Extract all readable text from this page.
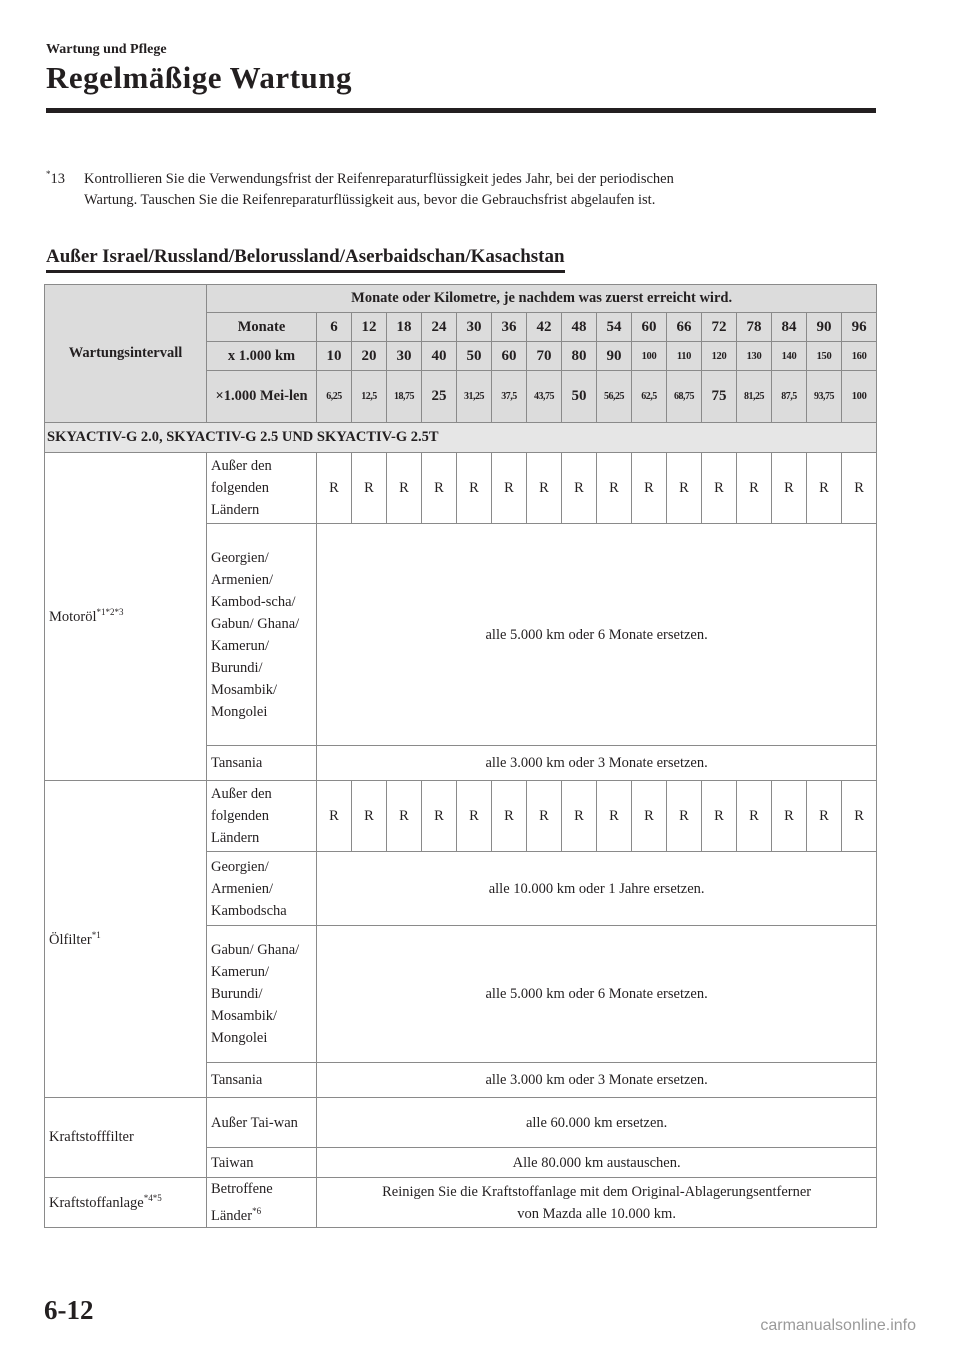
Wartung und Pflege
Regelmäßige Wartung
*13 Kontrollieren Sie die Verwendungsfrist der Reifenreparaturflüssigkeit jedes Jahr, bei der periodischen
Wartung. Tauschen Sie die Reifenreparaturflüssigkeit aus, bevor die Gebrauchsfrist abgelaufen ist.
Außer Israel/Russland/Belorussland/Aserbaidschan/Kasachstan
Wartungsintervall	Monate oder Kilometre, je nachdem was zuerst erreicht wird.																
	Monate	6	12	18	24	30	36	42	48	54	60	66	72	78	84	90	96
	x 1.000 km	10	20	30	40	50	60	70	80	90	100	110	120	130	140	150	160
	×1.000 Mei-len	6,25	12,5	18,75	25	31,25	37,5	43,75	50	56,25	62,5	68,75	75	81,25	87,5	93,75	100
SKYACTIV-G 2.0, SKYACTIV-G 2.5 UND SKYACTIV-G 2.5T																	
Motoröl$^{*1*2*3}$	Außer den folgenden Ländern	R	R	R	R	R	R	R	R	R	R	R	R	R	R	R	R
	Georgien/ Armenien/ Kambod-scha/ Gabun/ Ghana/ Kamerun/ Burundi/ Mosambik/ Mongolei	alle 5.000 km oder 6 Monate ersetzen.															
	Tansania	alle 3.000 km oder 3 Monate ersetzen.															
Ölfilter$^{*1}$	Außer den folgenden Ländern	R	R	R	R	R	R	R	R	R	R	R	R	R	R	R	R
	Georgien/ Armenien/ Kambodscha	alle 10.000 km oder 1 Jahre ersetzen.															
	Gabun/ Ghana/ Kamerun/ Burundi/ Mosambik/ Mongolei	alle 5.000 km oder 6 Monate ersetzen.															
	Tansania	alle 3.000 km oder 3 Monate ersetzen.															
Kraftstofffilter	Außer Tai-wan	alle 60.000 km ersetzen.															
	Taiwan	Alle 80.000 km austauschen.															
Kraftstoffanlage$^{*4*5}$	Betroffene Länder$^{*6}$	Reinigen Sie die Kraftstoffanlage mit dem Original-Ablagerungsentferner
von Mazda alle 10.000 km.															
6-12
carmanualsonline.info
